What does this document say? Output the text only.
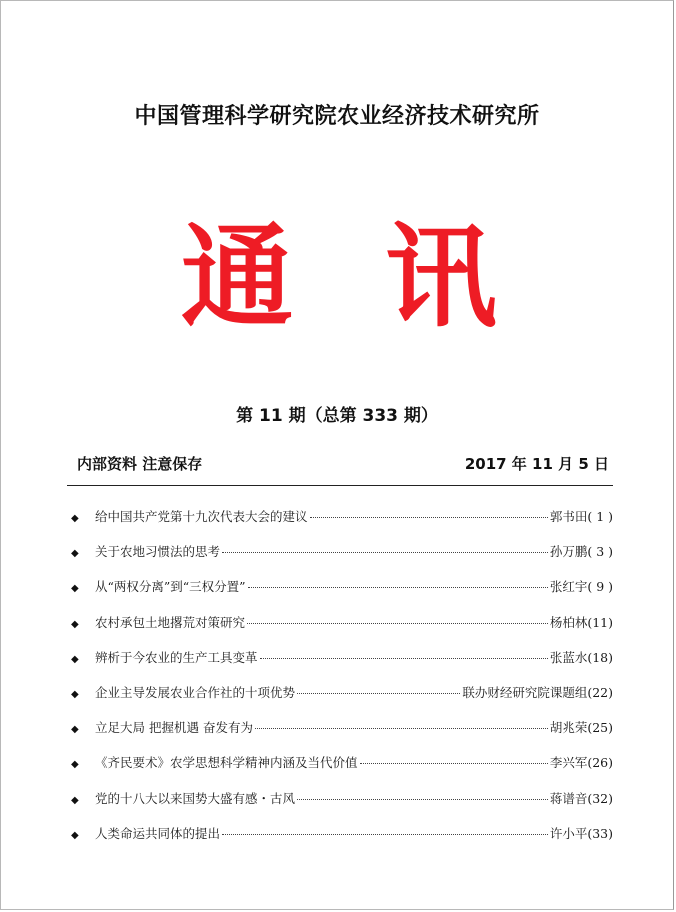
中国管理科学研究院农业经济技术研究所
通 讯
第 11 期（总第 333 期）
内部资料 注意保存	2017 年 11 月 5 日
◆	给中国共产党第十九次代表大会的建议	郭书田 ( 1 )
◆	关于农地习惯法的思考	孙万鹏 ( 3 )
◆	从“两权分离”到“三权分置”	张红宇 ( 9 )
◆	农村承包土地撂荒对策研究	杨柏林 (11)
◆	辨析于今农业的生产工具变革	张蓝水 (18)
◆	企业主导发展农业合作社的十项优势	联办财经研究院课题组 (22)
◆	立足大局 把握机遇 奋发有为	胡兆荣 (25)
◆	《齐民要术》农学思想科学精神内涵及当代价值	李兴军 (26)
◆	党的十八大以来国势大盛有感・古风	蒋谱音 (32)
◆	人类命运共同体的提出	许小平 (33)
